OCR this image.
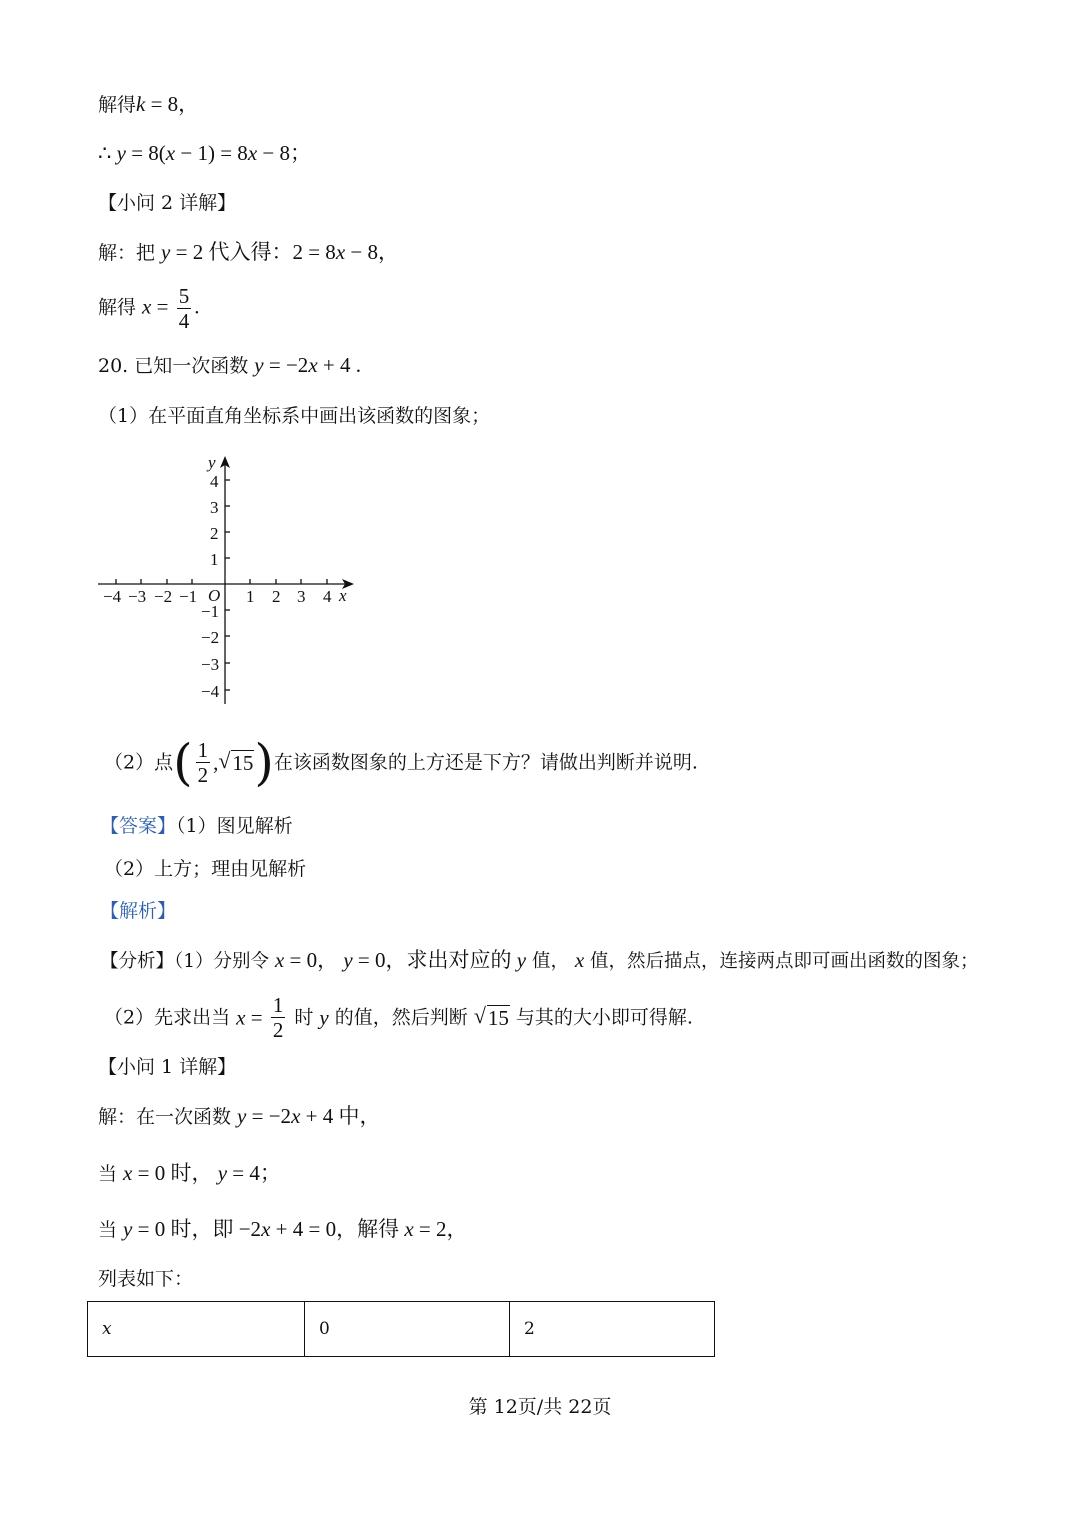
解得k = 8，
∴ y = 8(x − 1) = 8x − 8；
【小问 2 详解】
解：把 y = 2 代入得：2 = 8x − 8，
解得 $x = \frac{5}{4}$ .
20. 已知一次函数 y = −2x + 4 .
（1）在平面直角坐标系中画出该函数的图象；
x
y
O
−4 −3 −2 −1	1 2 3 4
4
3
2
1
−1
−2
−3
−4
（2）点( $\frac{1}{2}$ , √ 15)在该函数图象的上方还是下方？请做出判断并说明.
【答案】（1）图见解析
（2）上方；理由见解析
【解析】
【分析】（1）分别令 x = 0， y = 0，求出对应的 y 值， x 值，然后描点，连接两点即可画出函数的图象；
（2）先求出当 $x = \frac{1}{2}$ 时 y 的值，然后判断 √ 15 与其的大小即可得解.
【小问 1 详解】
解：在一次函数 y = −2x + 4 中，
当 x = 0 时， y = 4；
当 y = 0 时，即 −2x + 4 = 0，解得 x = 2，
列表如下：
x	0	2
第 12页/共 22页
